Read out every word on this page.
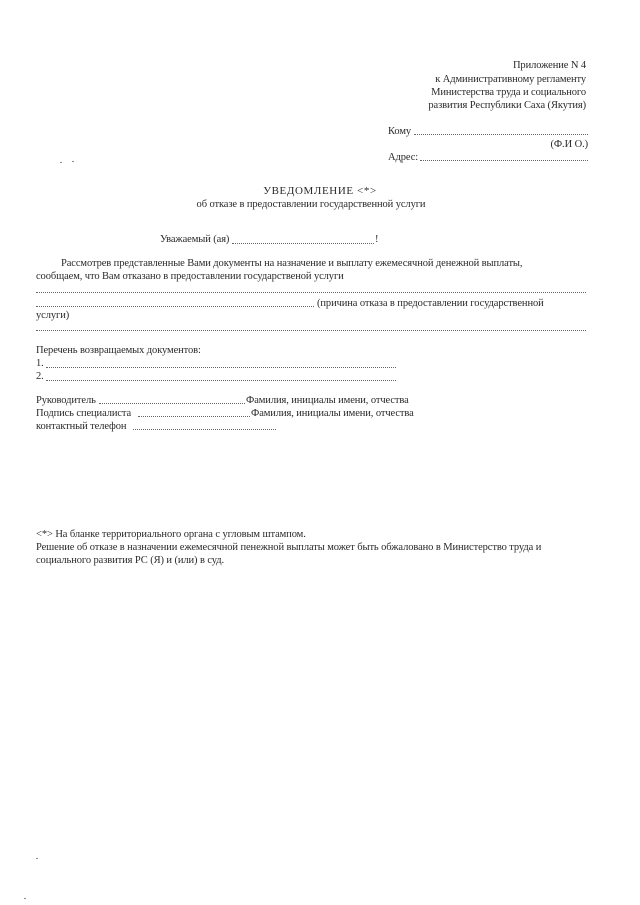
Приложение N 4
к Административному регламенту
Министерства труда и социального
развития Республики Саха (Якутия)
Кому
(Ф.И О.)
Адрес:
УВЕДОМЛЕНИЕ <*>
об отказе в предоставлении государственной услуги
Уважаемый (ая)	!
Рассмотрев представленные Вами документы на назначение и выплату ежемесячной денежной выплаты,
сообщаем, что Вам отказано в предоставлении государственой услуги
(причина отказа в предоставлении государственной
услуги)
Перечень возвращаемых документов:
1.
2.
Руководитель	Фамилия, инициалы имени, отчества
Подпись специалиста	Фамилия, инициалы имени, отчества
контактный телефон
<*> На бланке территориального органа с угловым штампом.
Решение об отказе в назначении ежемесячной пенежной выплаты может быть обжаловано в Министерство труда и
социального развития РС (Я) и (или) в суд.
